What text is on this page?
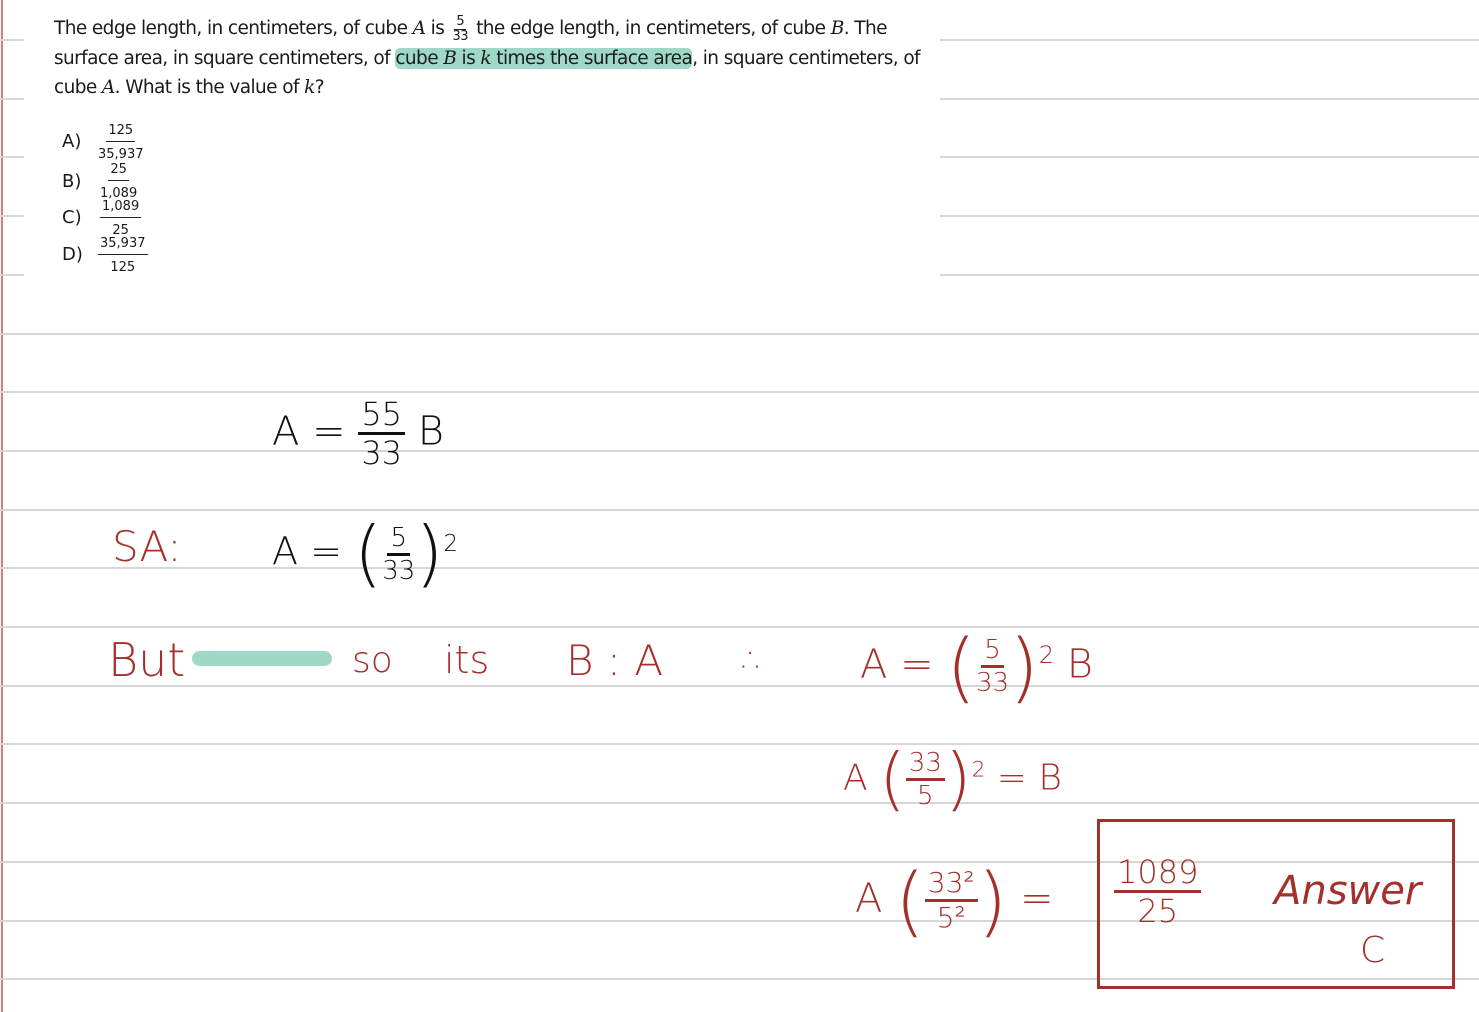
The edge length, in centimeters, of cube A is $\frac{5}{33}$ the edge length, in centimeters, of cube B. The surface area, in square centimeters, of cube B is k times the surface area, in square centimeters, of cube A. What is the value of k?
A)
125
35,937
B)
25
1,089
C)
1,089
25
D)
35,937
125
$A = \frac{55}{33}$ B
SA: A = ( $\frac{5}{33} )^2$
But	so its B : A ∴ A = ( $\frac{5}{33} )^2$ B
A ( $\frac{33}{5} )^2 = B$
A ( $\frac{\text{33²}}{\text{5²}}$ ) = $\frac{1089}{25}$ Answer
C
